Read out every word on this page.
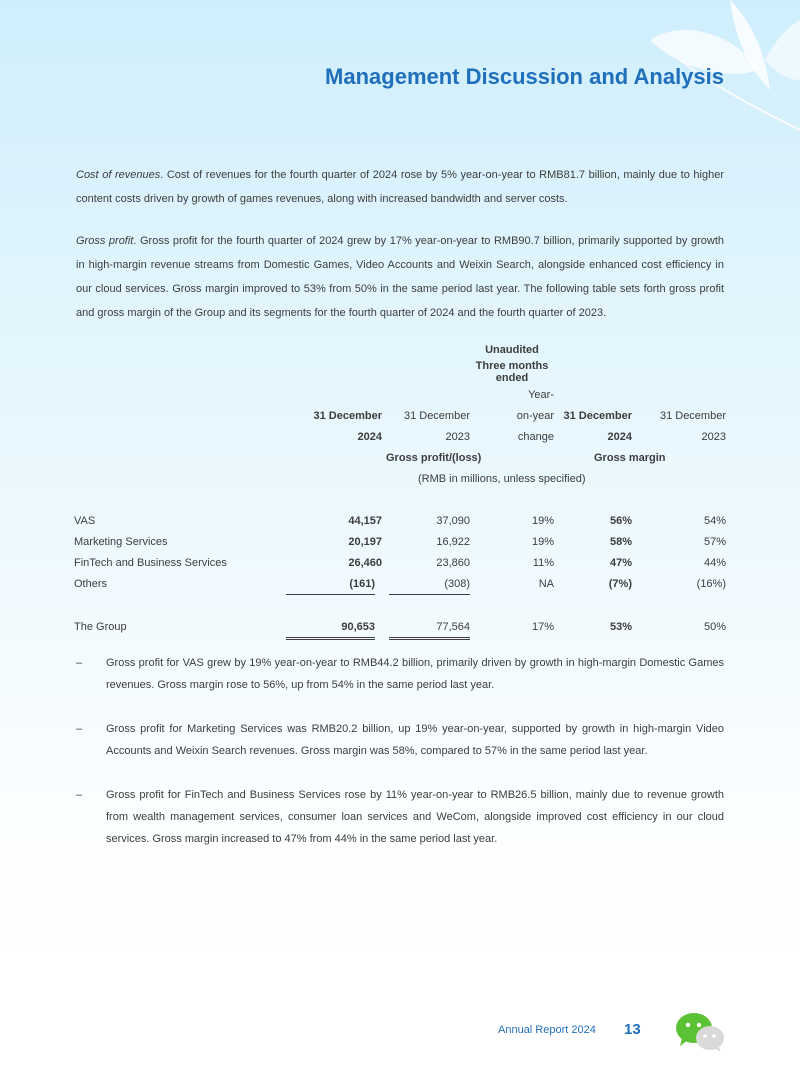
Management Discussion and Analysis

Cost of revenues. Cost of revenues for the fourth quarter of 2024 rose by 5% year-on-year to RMB81.7 billion, mainly due to higher content costs driven by growth of games revenues, along with increased bandwidth and server costs.

Gross profit. Gross profit for the fourth quarter of 2024 grew by 17% year-on-year to RMB90.7 billion, primarily supported by growth in high-margin revenue streams from Domestic Games, Video Accounts and Weixin Search, alongside enhanced cost efficiency in our cloud services. Gross margin improved to 53% from 50% in the same period last year. The following table sets forth gross profit and gross margin of the Group and its segments for the fourth quarter of 2024 and the fourth quarter of 2023.

			Unaudited		
			Three months ended		
			Year-		
	31 December	31 December	on-year	31 December	31 December
	2024	2023	change	2024	2023
	Gross profit/(loss)			Gross margin	
	(RMB in millions, unless specified)				

VAS	44,157	37,090	19%	56%	54%
Marketing Services	20,197	16,922	19%	58%	57%
FinTech and Business Services	26,460	23,860	11%	47%	44%
Others	(161)	(308)	NA	(7%)	(16%)

The Group	90,653	77,564	17%	53%	50%
–	Gross profit for VAS grew by 19% year-on-year to RMB44.2 billion, primarily driven by growth in high-margin Domestic Games revenues. Gross margin rose to 56%, up from 54% in the same period last year.
–	Gross profit for Marketing Services was RMB20.2 billion, up 19% year-on-year, supported by growth in high-margin Video Accounts and Weixin Search revenues. Gross margin was 58%, compared to 57% in the same period last year.
–	Gross profit for FinTech and Business Services rose by 11% year-on-year to RMB26.5 billion, mainly due to revenue growth from wealth management services, consumer loan services and WeCom, alongside improved cost efficiency in our cloud services. Gross margin increased to 47% from 44% in the same period last year.
Annual Report 2024 13
